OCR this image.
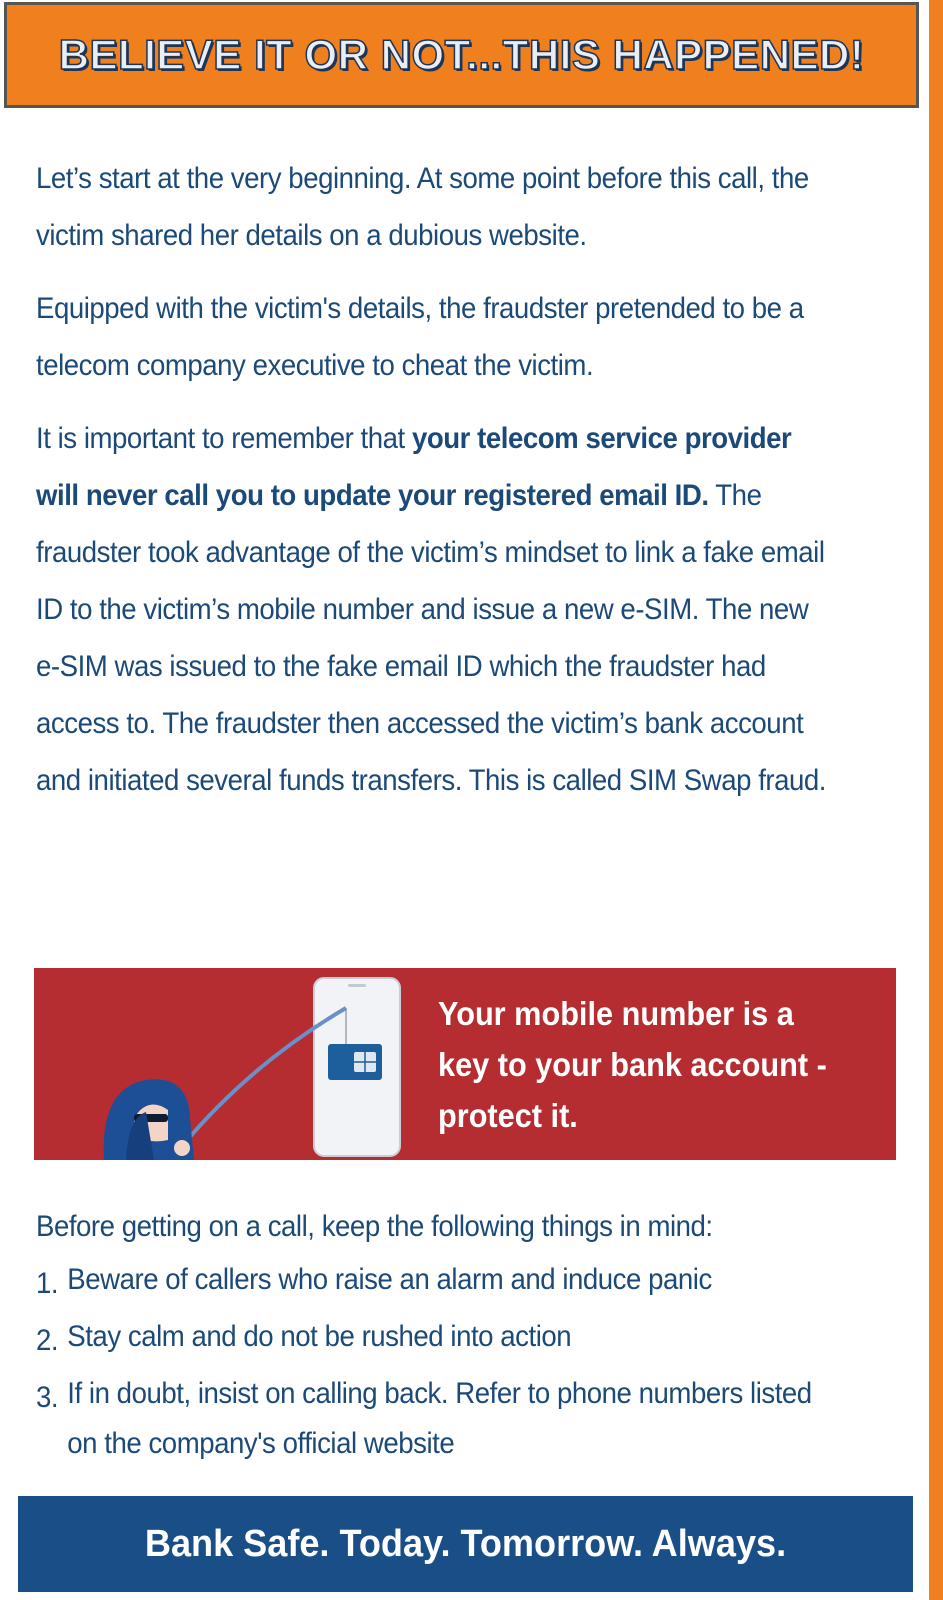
BELIEVE IT OR NOT...THIS HAPPENED!

Let’s start at the very beginning. At some point before this call, the victim shared her details on a dubious website.

Equipped with the victim's details, the fraudster pretended to be a telecom company executive to cheat the victim.

It is important to remember that your telecom service provider will never call you to update your registered email ID. The fraudster took advantage of the victim’s mindset to link a fake email ID to the victim’s mobile number and issue a new e-SIM. The new e-SIM was issued to the fake email ID which the fraudster had access to. The fraudster then accessed the victim’s bank account and initiated several funds transfers. This is called SIM Swap fraud.

Your mobile number is a key to your bank account - protect it.

Before getting on a call, keep the following things in mind:

1. Beware of callers who raise an alarm and induce panic
2. Stay calm and do not be rushed into action
3. If in doubt, insist on calling back. Refer to phone numbers listed on the company's official website
Bank Safe. Today. Tomorrow. Always.
